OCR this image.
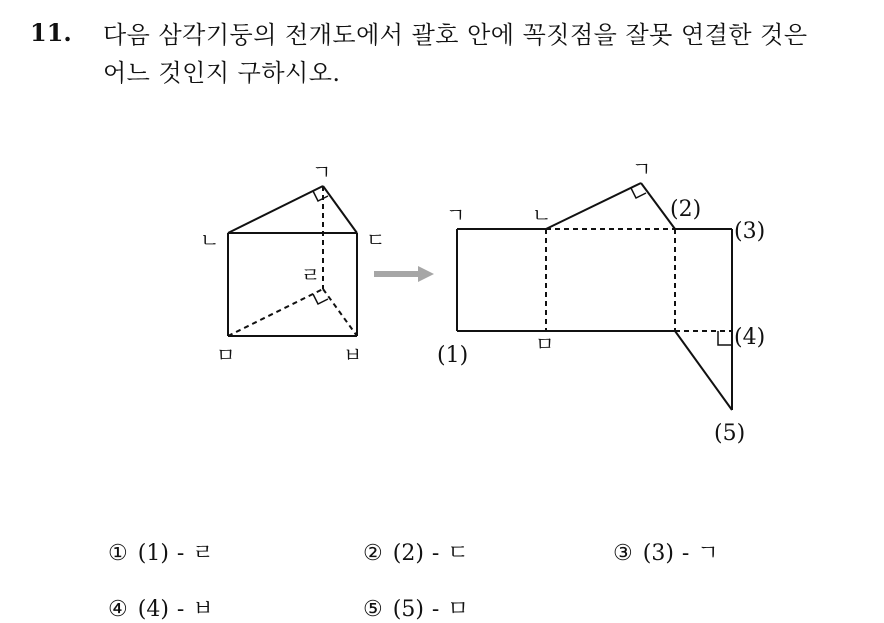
11. 다음 삼각기둥의 전개도에서 괄호 안에 꼭짓점을 잘못 연결한 것은
어느 것인지 구하시오.
ㄱ
ㄴ	ㄷ
ㄹ
ㅁ	ㅂ
ㄱ	ㄴ
ㄱ
ㅁ
(1)
(2)
(3)
(4)
(5)
① (1) - ㄹ	② (2) - ㄷ	③ (3) - ㄱ
④ (4) - ㅂ	⑤ (5) - ㅁ
